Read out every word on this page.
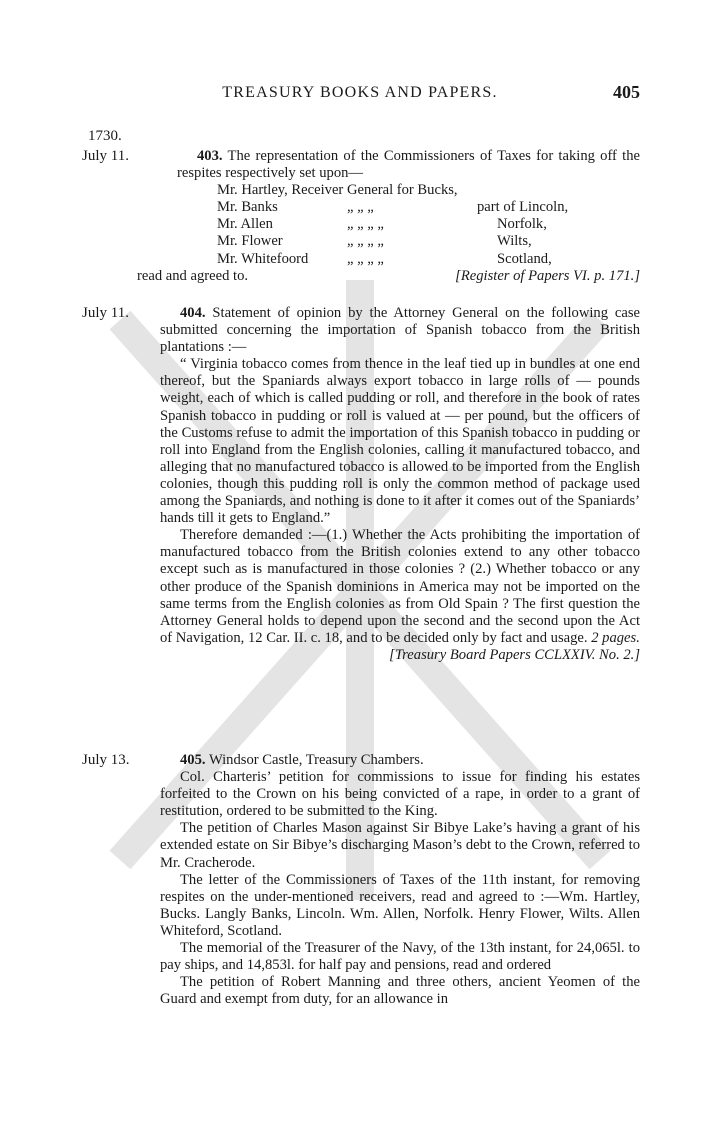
TREASURY BOOKS AND PAPERS.	405
1730.
July 11.	403. The representation of the Commissioners of Taxes for taking off the respites respectively set upon—

Mr. Hartley, Receiver General for Bucks,
Mr. Banks	„ „ „	part of Lincoln,
Mr. Allen	„ „ „ „	Norfolk,
Mr. Flower	„ „ „ „	Wilts,
Mr. Whitefoord	„ „ „ „	Scotland,
read and agreed to.	[Register of Papers VI. p. 171.]
July 11.	404. Statement of opinion by the Attorney General on the following case submitted concerning the importation of Spanish tobacco from the British plantations :—

“ Virginia tobacco comes from thence in the leaf tied up in bundles at one end thereof, but the Spaniards always export tobacco in large rolls of — pounds weight, each of which is called pudding or roll, and therefore in the book of rates Spanish tobacco in pudding or roll is valued at — per pound, but the officers of the Customs refuse to admit the importation of this Spanish tobacco in pudding or roll into England from the English colonies, calling it manufactured tobacco, and alleging that no manufactured tobacco is allowed to be imported from the English colonies, though this pudding roll is only the common method of package used among the Spaniards, and nothing is done to it after it comes out of the Spaniards’ hands till it gets to England.”

Therefore demanded :—(1.) Whether the Acts prohibiting the importation of manufactured tobacco from the British colonies extend to any other tobacco except such as is manufactured in those colonies ? (2.) Whether tobacco or any other produce of the Spanish dominions in America may not be imported on the same terms from the English colonies as from Old Spain ? The first question the Attorney General holds to depend upon the second and the second upon the Act of Navigation, 12 Car. II. c. 18, and to be decided only by fact and usage. 2 pages.

[Treasury Board Papers CCLXXIV. No. 2.]
July 13.	405. Windsor Castle, Treasury Chambers.

Col. Charteris’ petition for commissions to issue for finding his estates forfeited to the Crown on his being convicted of a rape, in order to a grant of restitution, ordered to be submitted to the King.

The petition of Charles Mason against Sir Bibye Lake’s having a grant of his extended estate on Sir Bibye’s discharging Mason’s debt to the Crown, referred to Mr. Cracherode.

The letter of the Commissioners of Taxes of the 11th instant, for removing respites on the under-mentioned receivers, read and agreed to :—Wm. Hartley, Bucks. Langly Banks, Lincoln. Wm. Allen, Norfolk. Henry Flower, Wilts. Allen Whiteford, Scotland.

The memorial of the Treasurer of the Navy, of the 13th instant, for 24,065l. to pay ships, and 14,853l. for half pay and pensions, read and ordered

The petition of Robert Manning and three others, ancient Yeomen of the Guard and exempt from duty, for an allowance in
